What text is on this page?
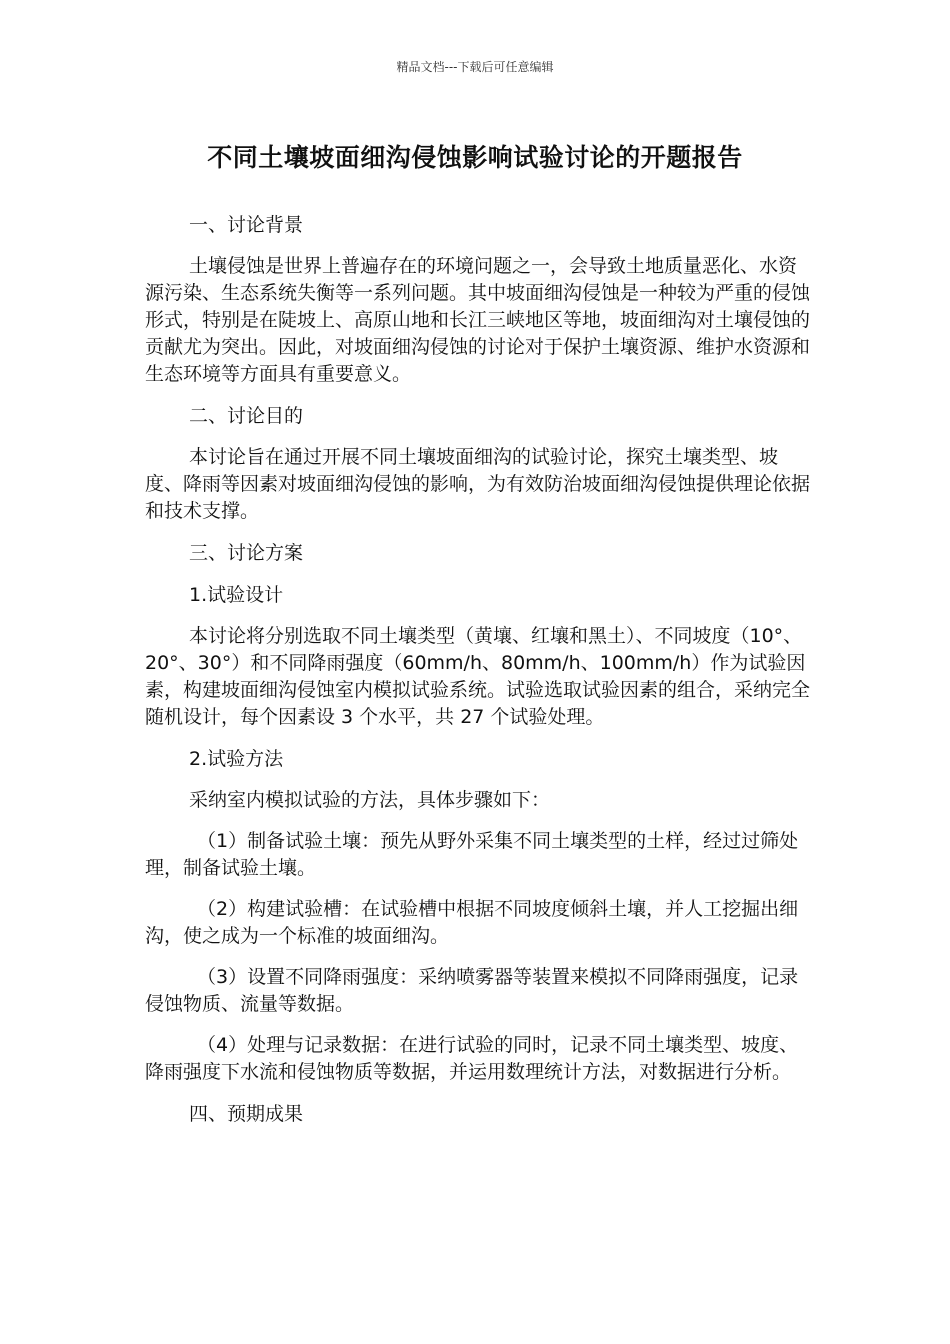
精品文档---下载后可任意编辑
不同土壤坡面细沟侵蚀影响试验讨论的开题报告

一、讨论背景

土壤侵蚀是世界上普遍存在的环境问题之一，会导致土地质量恶化、水资源污染、生态系统失衡等一系列问题。其中坡面细沟侵蚀是一种较为严重的侵蚀形式，特别是在陡坡上、高原山地和长江三峡地区等地，坡面细沟对土壤侵蚀的贡献尤为突出。因此，对坡面细沟侵蚀的讨论对于保护土壤资源、维护水资源和生态环境等方面具有重要意义。

二、讨论目的

本讨论旨在通过开展不同土壤坡面细沟的试验讨论，探究土壤类型、坡度、降雨等因素对坡面细沟侵蚀的影响，为有效防治坡面细沟侵蚀提供理论依据和技术支撑。

三、讨论方案

1.试验设计

本讨论将分别选取不同土壤类型（黄壤、红壤和黑土）、不同坡度（10°、20°、30°）和不同降雨强度（60mm/h、80mm/h、100mm/h）作为试验因素，构建坡面细沟侵蚀室内模拟试验系统。试验选取试验因素的组合，采纳完全随机设计，每个因素设 3 个水平，共 27 个试验处理。

2.试验方法

采纳室内模拟试验的方法，具体步骤如下：

（1）制备试验土壤：预先从野外采集不同土壤类型的土样，经过过筛处理，制备试验土壤。

（2）构建试验槽：在试验槽中根据不同坡度倾斜土壤，并人工挖掘出细沟，使之成为一个标准的坡面细沟。

（3）设置不同降雨强度：采纳喷雾器等装置来模拟不同降雨强度，记录侵蚀物质、流量等数据。

（4）处理与记录数据：在进行试验的同时，记录不同土壤类型、坡度、降雨强度下水流和侵蚀物质等数据，并运用数理统计方法，对数据进行分析。

四、预期成果
